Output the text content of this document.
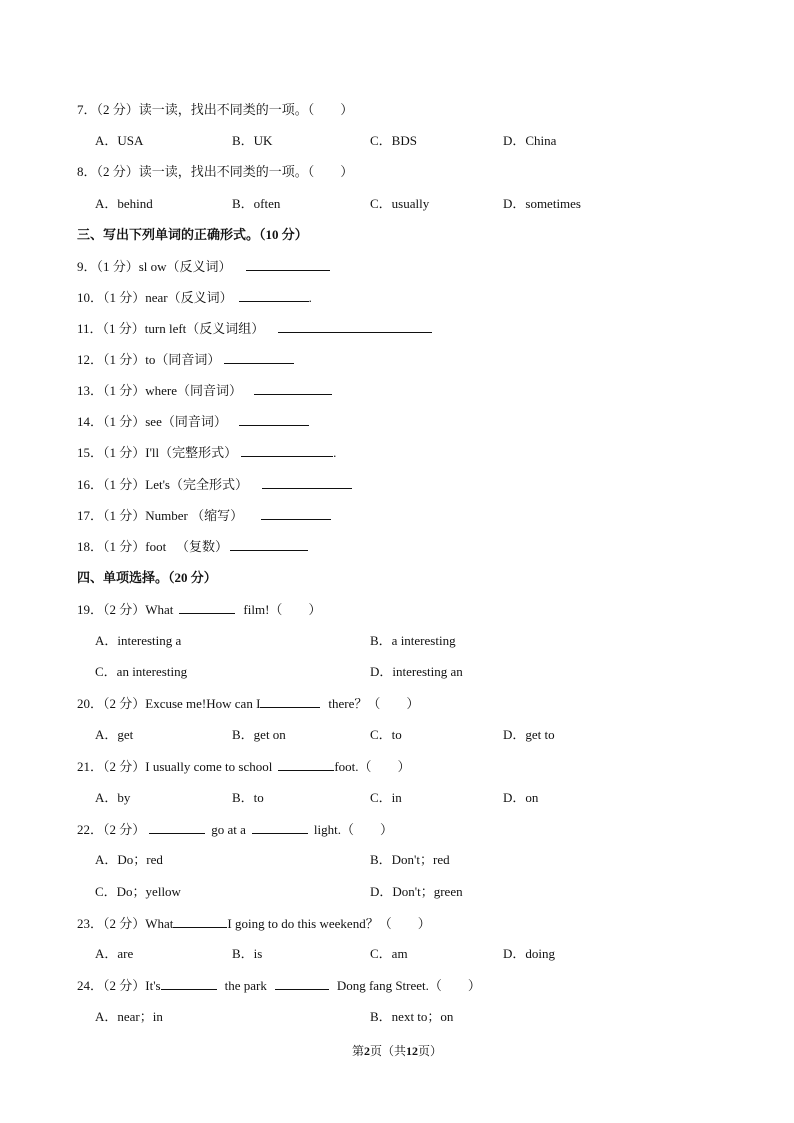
7．（2 分）读一读，找出不同类的一项。（        ）
A．USA	B．UK	C．BDS	D．China
8．（2 分）读一读，找出不同类的一项。（        ）
A．behind	B．often	C．usually	D．sometimes
三、写出下列单词的正确形式。（10 分）
9．（1 分）sl ow（反义词）
10．（1 分）near（反义词）	.
11．（1 分）turn left（反义词组）
12．（1 分）to（同音词）
13．（1 分）where（同音词）
14．（1 分）see（同音词）
15．（1 分）I'll（完整形式）	.
16．（1 分）Let's（完全形式）
17．（1 分）Number （缩写）
18．（1 分）foot   （复数）
四、单项选择。（20 分）
19．（2 分）What	film!（        ）
A．interesting a	B．a interesting
C．an interesting	D．interesting an
20．（2 分）Excuse me!How can I	there？（        ）
A．get	B．get on	C．to	D．get to
21．（2 分）I usually come to school	foot.（        ）
A．by	B．to	C．in	D．on
22．（2 分）	go at a	light.（        ）
A．Do；red	B．Don't；red
C．Do；yellow	D．Don't；green
23．（2 分）What	I going to do this weekend？（        ）
A．are	B．is	C．am	D．doing
24．（2 分）It's	the park	Dong fang Street.（        ）
A．near；in	B．next to；on
第2页（共12页）
